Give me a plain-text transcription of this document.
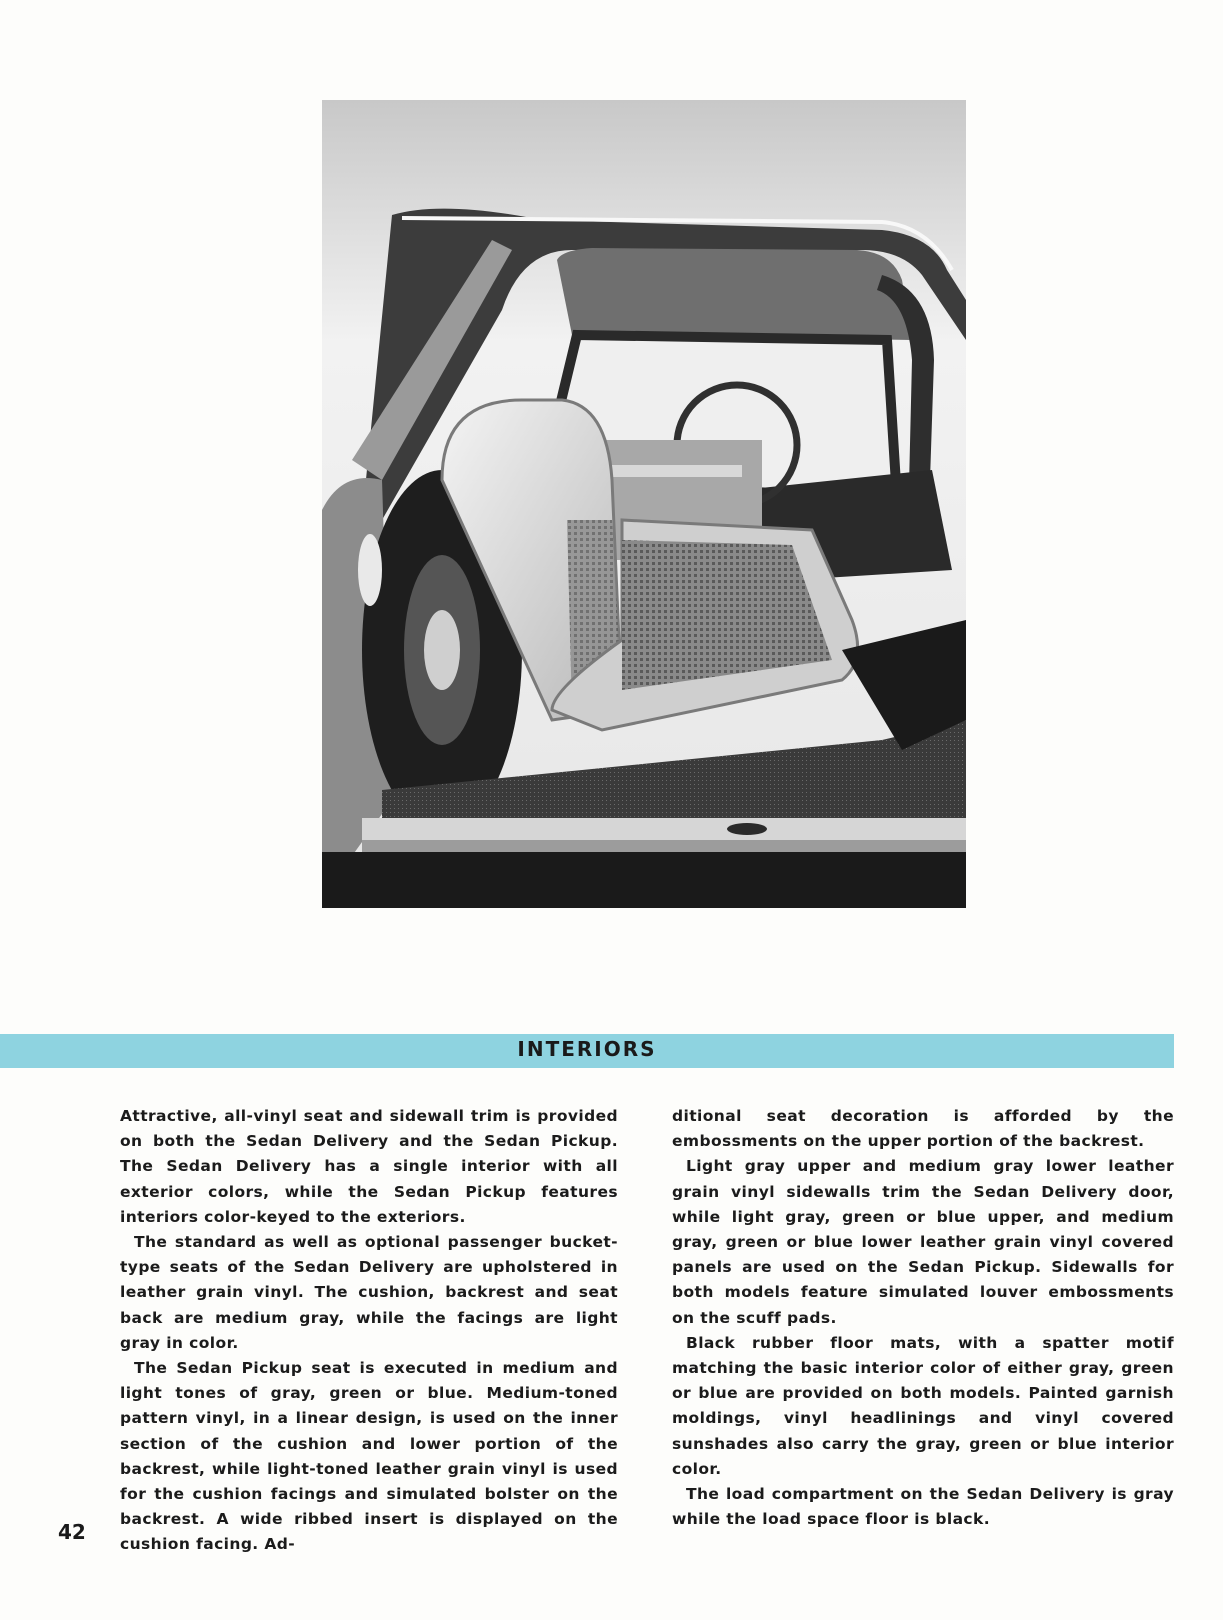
INTERIORS

Attractive, all-vinyl seat and sidewall trim is provided on both the Sedan Delivery and the Sedan Pickup. The Sedan Delivery has a single interior with all exterior colors, while the Sedan Pickup features interiors color-keyed to the exteriors.

The standard as well as optional passenger bucket-type seats of the Sedan Delivery are upholstered in leather grain vinyl. The cushion, backrest and seat back are medium gray, while the facings are light gray in color.

The Sedan Pickup seat is executed in medium and light tones of gray, green or blue. Medium-toned pattern vinyl, in a linear design, is used on the inner section of the cushion and lower portion of the backrest, while light-toned leather grain vinyl is used for the cushion facings and simulated bolster on the backrest. A wide ribbed insert is displayed on the cushion facing. Ad-

ditional seat decoration is afforded by the embossments on the upper portion of the backrest.

Light gray upper and medium gray lower leather grain vinyl sidewalls trim the Sedan Delivery door, while light gray, green or blue upper, and medium gray, green or blue lower leather grain vinyl covered panels are used on the Sedan Pickup. Sidewalls for both models feature simulated louver embossments on the scuff pads.

Black rubber floor mats, with a spatter motif matching the basic interior color of either gray, green or blue are provided on both models. Painted garnish moldings, vinyl headlinings and vinyl covered sunshades also carry the gray, green or blue interior color.

The load compartment on the Sedan Delivery is gray while the load space floor is black.

42
